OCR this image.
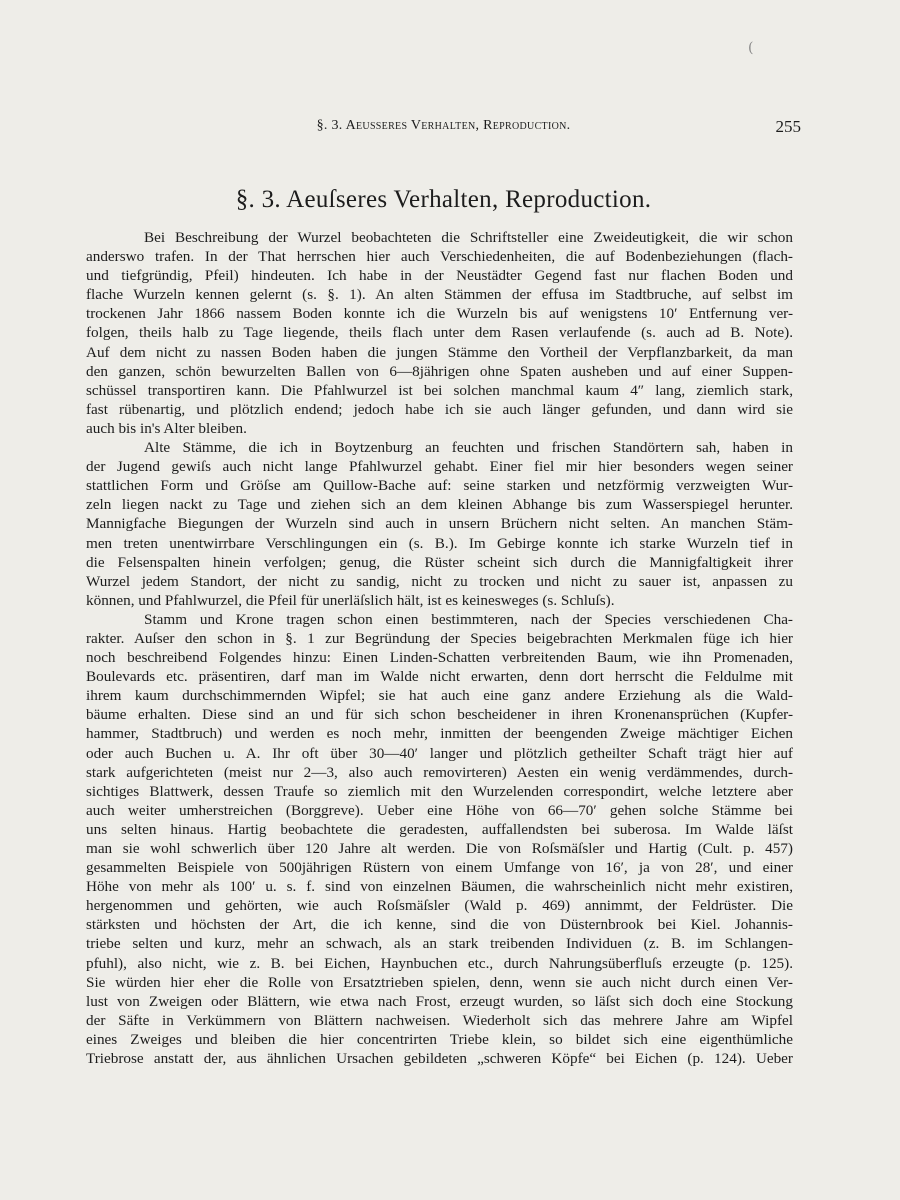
(
§. 3. Aeusseres Verhalten, Reproduction.	255
§. 3. Aeuſseres Verhalten, Reproduction.
Bei Beschreibung der Wurzel beobachteten die Schriftsteller eine Zweideutigkeit, die wir schon
anderswo trafen. In der That herrschen hier auch Verschiedenheiten, die auf Bodenbeziehungen (flach-
und tiefgründig, Pfeil) hindeuten. Ich habe in der Neustädter Gegend fast nur flachen Boden und
flache Wurzeln kennen gelernt (s. §. 1). An alten Stämmen der effusa im Stadtbruche, auf selbst im
trockenen Jahr 1866 nassem Boden konnte ich die Wurzeln bis auf wenigstens 10′ Entfernung ver-
folgen, theils halb zu Tage liegende, theils flach unter dem Rasen verlaufende (s. auch ad B. Note).
Auf dem nicht zu nassen Boden haben die jungen Stämme den Vortheil der Verpflanzbarkeit, da man
den ganzen, schön bewurzelten Ballen von 6—8jährigen ohne Spaten ausheben und auf einer Suppen-
schüssel transportiren kann. Die Pfahlwurzel ist bei solchen manchmal kaum 4″ lang, ziemlich stark,
fast rübenartig, und plötzlich endend; jedoch habe ich sie auch länger gefunden, und dann wird sie
auch bis in's Alter bleiben.
Alte Stämme, die ich in Boytzenburg an feuchten und frischen Standörtern sah, haben in
der Jugend gewiſs auch nicht lange Pfahlwurzel gehabt. Einer fiel mir hier besonders wegen seiner
stattlichen Form und Gröſse am Quillow-Bache auf: seine starken und netzförmig verzweigten Wur-
zeln liegen nackt zu Tage und ziehen sich an dem kleinen Abhange bis zum Wasserspiegel herunter.
Mannigfache Biegungen der Wurzeln sind auch in unsern Brüchern nicht selten. An manchen Stäm-
men treten unentwirrbare Verschlingungen ein (s. B.). Im Gebirge konnte ich starke Wurzeln tief in
die Felsenspalten hinein verfolgen; genug, die Rüster scheint sich durch die Mannigfaltigkeit ihrer
Wurzel jedem Standort, der nicht zu sandig, nicht zu trocken und nicht zu sauer ist, anpassen zu
können, und Pfahlwurzel, die Pfeil für unerläſslich hält, ist es keinesweges (s. Schluſs).
Stamm und Krone tragen schon einen bestimmteren, nach der Species verschiedenen Cha-
rakter. Auſser den schon in §. 1 zur Begründung der Species beigebrachten Merkmalen füge ich hier
noch beschreibend Folgendes hinzu: Einen Linden-Schatten verbreitenden Baum, wie ihn Promenaden,
Boulevards etc. präsentiren, darf man im Walde nicht erwarten, denn dort herrscht die Feldulme mit
ihrem kaum durchschimmernden Wipfel; sie hat auch eine ganz andere Erziehung als die Wald-
bäume erhalten. Diese sind an und für sich schon bescheidener in ihren Kronenansprüchen (Kupfer-
hammer, Stadtbruch) und werden es noch mehr, inmitten der beengenden Zweige mächtiger Eichen
oder auch Buchen u. A. Ihr oft über 30—40′ langer und plötzlich getheilter Schaft trägt hier auf
stark aufgerichteten (meist nur 2—3, also auch removirteren) Aesten ein wenig verdämmendes, durch-
sichtiges Blattwerk, dessen Traufe so ziemlich mit den Wurzelenden correspondirt, welche letztere aber
auch weiter umherstreichen (Borggreve). Ueber eine Höhe von 66—70′ gehen solche Stämme bei
uns selten hinaus. Hartig beobachtete die geradesten, auffallendsten bei suberosa. Im Walde läſst
man sie wohl schwerlich über 120 Jahre alt werden. Die von Roſsmäſsler und Hartig (Cult. p. 457)
gesammelten Beispiele von 500jährigen Rüstern von einem Umfange von 16′, ja von 28′, und einer
Höhe von mehr als 100′ u. s. f. sind von einzelnen Bäumen, die wahrscheinlich nicht mehr existiren,
hergenommen und gehörten, wie auch Roſsmäſsler (Wald p. 469) annimmt, der Feldrüster. Die
stärksten und höchsten der Art, die ich kenne, sind die von Düsternbrook bei Kiel. Johannis-
triebe selten und kurz, mehr an schwach, als an stark treibenden Individuen (z. B. im Schlangen-
pfuhl), also nicht, wie z. B. bei Eichen, Haynbuchen etc., durch Nahrungsüberfluſs erzeugte (p. 125).
Sie würden hier eher die Rolle von Ersatztrieben spielen, denn, wenn sie auch nicht durch einen Ver-
lust von Zweigen oder Blättern, wie etwa nach Frost, erzeugt wurden, so läſst sich doch eine Stockung
der Säfte in Verkümmern von Blättern nachweisen. Wiederholt sich das mehrere Jahre am Wipfel
eines Zweiges und bleiben die hier concentrirten Triebe klein, so bildet sich eine eigenthümliche
Triebrose anstatt der, aus ähnlichen Ursachen gebildeten „schweren Köpfe“ bei Eichen (p. 124). Ueber
